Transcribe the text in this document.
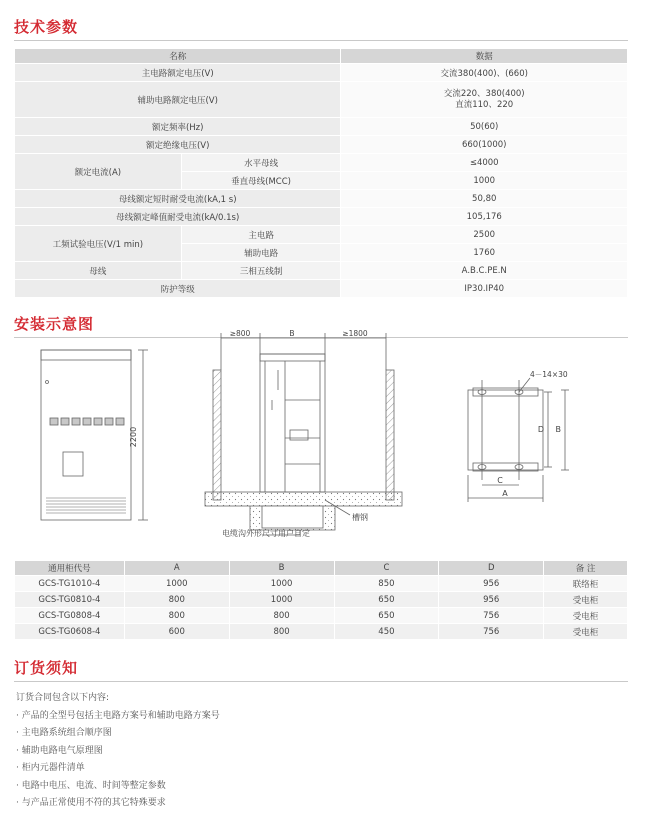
技术参数
名称		数据
主电路额定电压(V)		交流380(400)、(660)
辅助电路额定电压(V)		交流220、380(400)
直流110、220

额定频率(Hz)		50(60)
额定绝缘电压(V)		660(1000)
额定电流(A)	水平母线	≤4000
	垂直母线(MCC)	1000
母线额定短时耐受电流(kA,1 s)		50,80
母线额定峰值耐受电流(kA/0.1s)		105,176
工频试验电压(V/1 min)	主电路	2500
	辅助电路	1760
母线	三相五线制	A.B.C.PE.N
防护等级		IP30.IP40
安装示意图
2200
≥800	B	≥1800
槽钢
电缆沟外形尺寸用户自定
4－14×30
D B
C
A
通用柜代号	A	B	C	D	备 注
GCS-TG1010-4	1000	1000	850	956	联络柜
GCS-TG0810-4	800	1000	650	956	受电柜
GCS-TG0808-4	800	800	650	756	受电柜
GCS-TG0608-4	600	800	450	756	受电柜
订货须知
订货合同包含以下内容:
· 产品的全型号包括主电路方案号和辅助电路方案号
· 主电路系统组合顺序图
· 辅助电路电气原理图
· 柜内元器件清单
· 电路中电压、电流、时间等整定参数
· 与产品正常使用不符的其它特殊要求
